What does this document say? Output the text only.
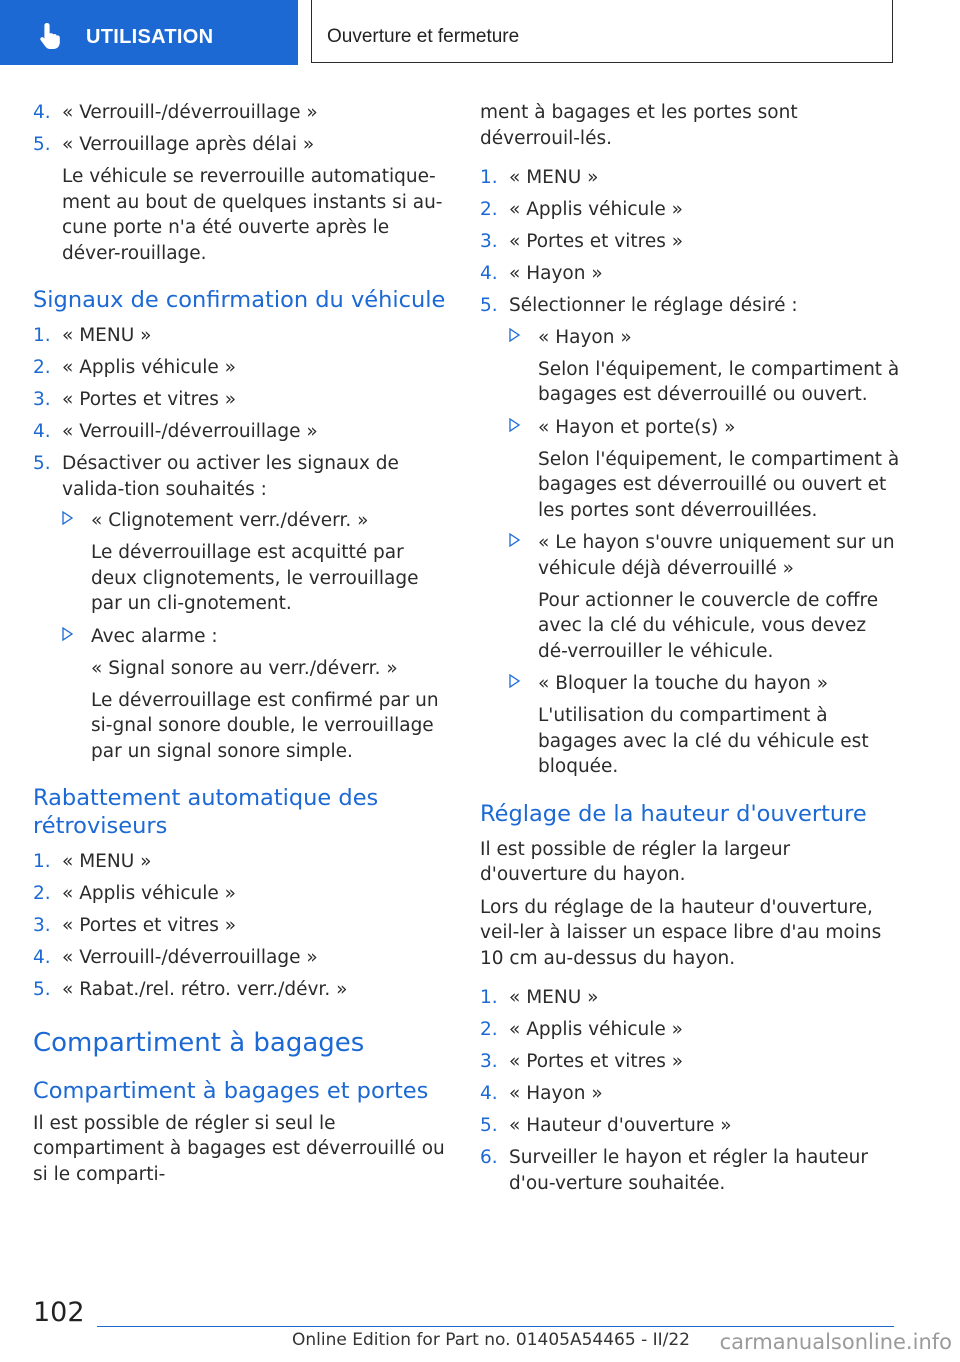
UTILISATION	Ouverture et fermeture
4. « Verrouill-/déverrouillage »
5. « Verrouillage après délai »

Le véhicule se reverrouille automatique-ment au bout de quelques instants si au-cune porte n'a été ouverte après le déver-rouillage.

Signaux de confirmation du véhicule
1. « MENU »
2. « Applis véhicule »
3. « Portes et vitres »
4. « Verrouill-/déverrouillage »
5. Désactiver ou activer les signaux de valida-tion souhaités :
« Clignotement verr./déverr. »

Le déverrouillage est acquitté par deux clignotements, le verrouillage par un cli-gnotement.

Avec alarme :

« Signal sonore au verr./déverr. »

Le déverrouillage est confirmé par un si-gnal sonore double, le verrouillage par un signal sonore simple.

Rabattement automatique des rétroviseurs
1. « MENU »
2. « Applis véhicule »
3. « Portes et vitres »
4. « Verrouill-/déverrouillage »
5. « Rabat./rel. rétro. verr./dévr. »
Compartiment à bagages
Compartiment à bagages et portes

Il est possible de régler si seul le compartiment à bagages est déverrouillé ou si le comparti-

ment à bagages et les portes sont déverrouil-lés.

1. « MENU »
2. « Applis véhicule »
3. « Portes et vitres »
4. « Hayon »
5. Sélectionner le réglage désiré :
« Hayon »

Selon l'équipement, le compartiment à bagages est déverrouillé ou ouvert.

« Hayon et porte(s) »

Selon l'équipement, le compartiment à bagages est déverrouillé ou ouvert et les portes sont déverrouillées.

« Le hayon s'ouvre uniquement sur un véhicule déjà déverrouillé »

Pour actionner le couvercle de coffre avec la clé du véhicule, vous devez dé-verrouiller le véhicule.

« Bloquer la touche du hayon »

L'utilisation du compartiment à bagages avec la clé du véhicule est bloquée.

Réglage de la hauteur d'ouverture

Il est possible de régler la largeur d'ouverture du hayon.

Lors du réglage de la hauteur d'ouverture, veil-ler à laisser un espace libre d'au moins 10 cm au-dessus du hayon.

1. « MENU »
2. « Applis véhicule »
3. « Portes et vitres »
4. « Hayon »
5. « Hauteur d'ouverture »
6. Surveiller le hayon et régler la hauteur d'ou-verture souhaitée.
102
Online Edition for Part no. 01405A54465 - II/22 carmanualsonline.info
